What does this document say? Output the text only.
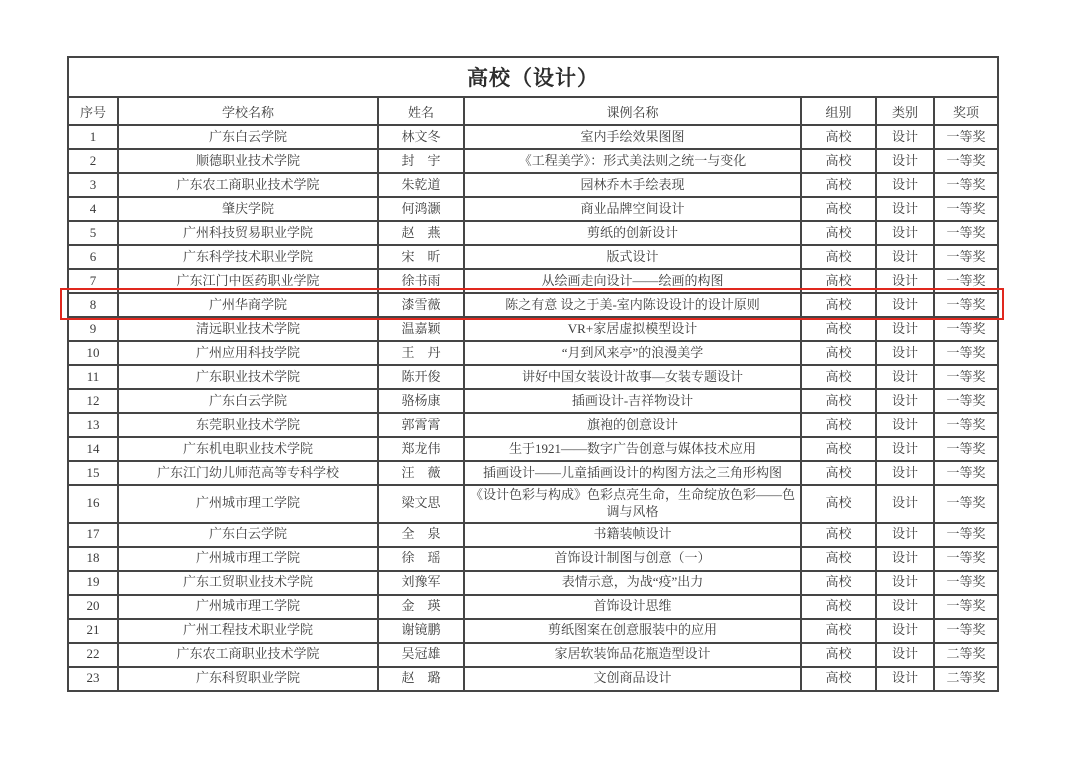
高校（设计）						
序号	学校名称	姓名	课例名称	组别	类别	奖项
1	广东白云学院	林文冬	室内手绘效果图图	高校	设计	一等奖
2	顺德职业技术学院	封　宇	《工程美学》：形式美法则之统一与变化	高校	设计	一等奖
3	广东农工商职业技术学院	朱乾道	园林乔木手绘表现	高校	设计	一等奖
4	肇庆学院	何鸿灏	商业品牌空间设计	高校	设计	一等奖
5	广州科技贸易职业学院	赵　燕	剪纸的创新设计	高校	设计	一等奖
6	广东科学技术职业学院	宋　昕	版式设计	高校	设计	一等奖
7	广东江门中医药职业学院	徐书雨	从绘画走向设计——绘画的构图	高校	设计	一等奖
8	广州华商学院	漆雪薇	陈之有意 设之于美-室内陈设设计的设计原则	高校	设计	一等奖
9	清远职业技术学院	温嘉颖	VR+家居虚拟模型设计	高校	设计	一等奖
10	广州应用科技学院	王　丹	“月到风来亭”的浪漫美学	高校	设计	一等奖
11	广东职业技术学院	陈开俊	讲好中国女装设计故事—女装专题设计	高校	设计	一等奖
12	广东白云学院	骆杨康	插画设计-吉祥物设计	高校	设计	一等奖
13	东莞职业技术学院	郭霄霄	旗袍的创意设计	高校	设计	一等奖
14	广东机电职业技术学院	郑龙伟	生于1921——数字广告创意与媒体技术应用	高校	设计	一等奖
15	广东江门幼儿师范高等专科学校	汪　薇	插画设计——儿童插画设计的构图方法之三角形构图	高校	设计	一等奖
16	广州城市理工学院	梁文思	《设计色彩与构成》色彩点亮生命，生命绽放色彩——色调与风格	高校	设计	一等奖
17	广东白云学院	全　泉	书籍装帧设计	高校	设计	一等奖
18	广州城市理工学院	徐　瑶	首饰设计制图与创意（一）	高校	设计	一等奖
19	广东工贸职业技术学院	刘豫军	表情示意，为战“疫”出力	高校	设计	一等奖
20	广州城市理工学院	金　瑛	首饰设计思维	高校	设计	一等奖
21	广州工程技术职业学院	谢镜鹏	剪纸图案在创意服装中的应用	高校	设计	一等奖
22	广东农工商职业技术学院	吴冠雄	家居软装饰品花瓶造型设计	高校	设计	二等奖
23	广东科贸职业学院	赵　璐	文创商品设计	高校	设计	二等奖
